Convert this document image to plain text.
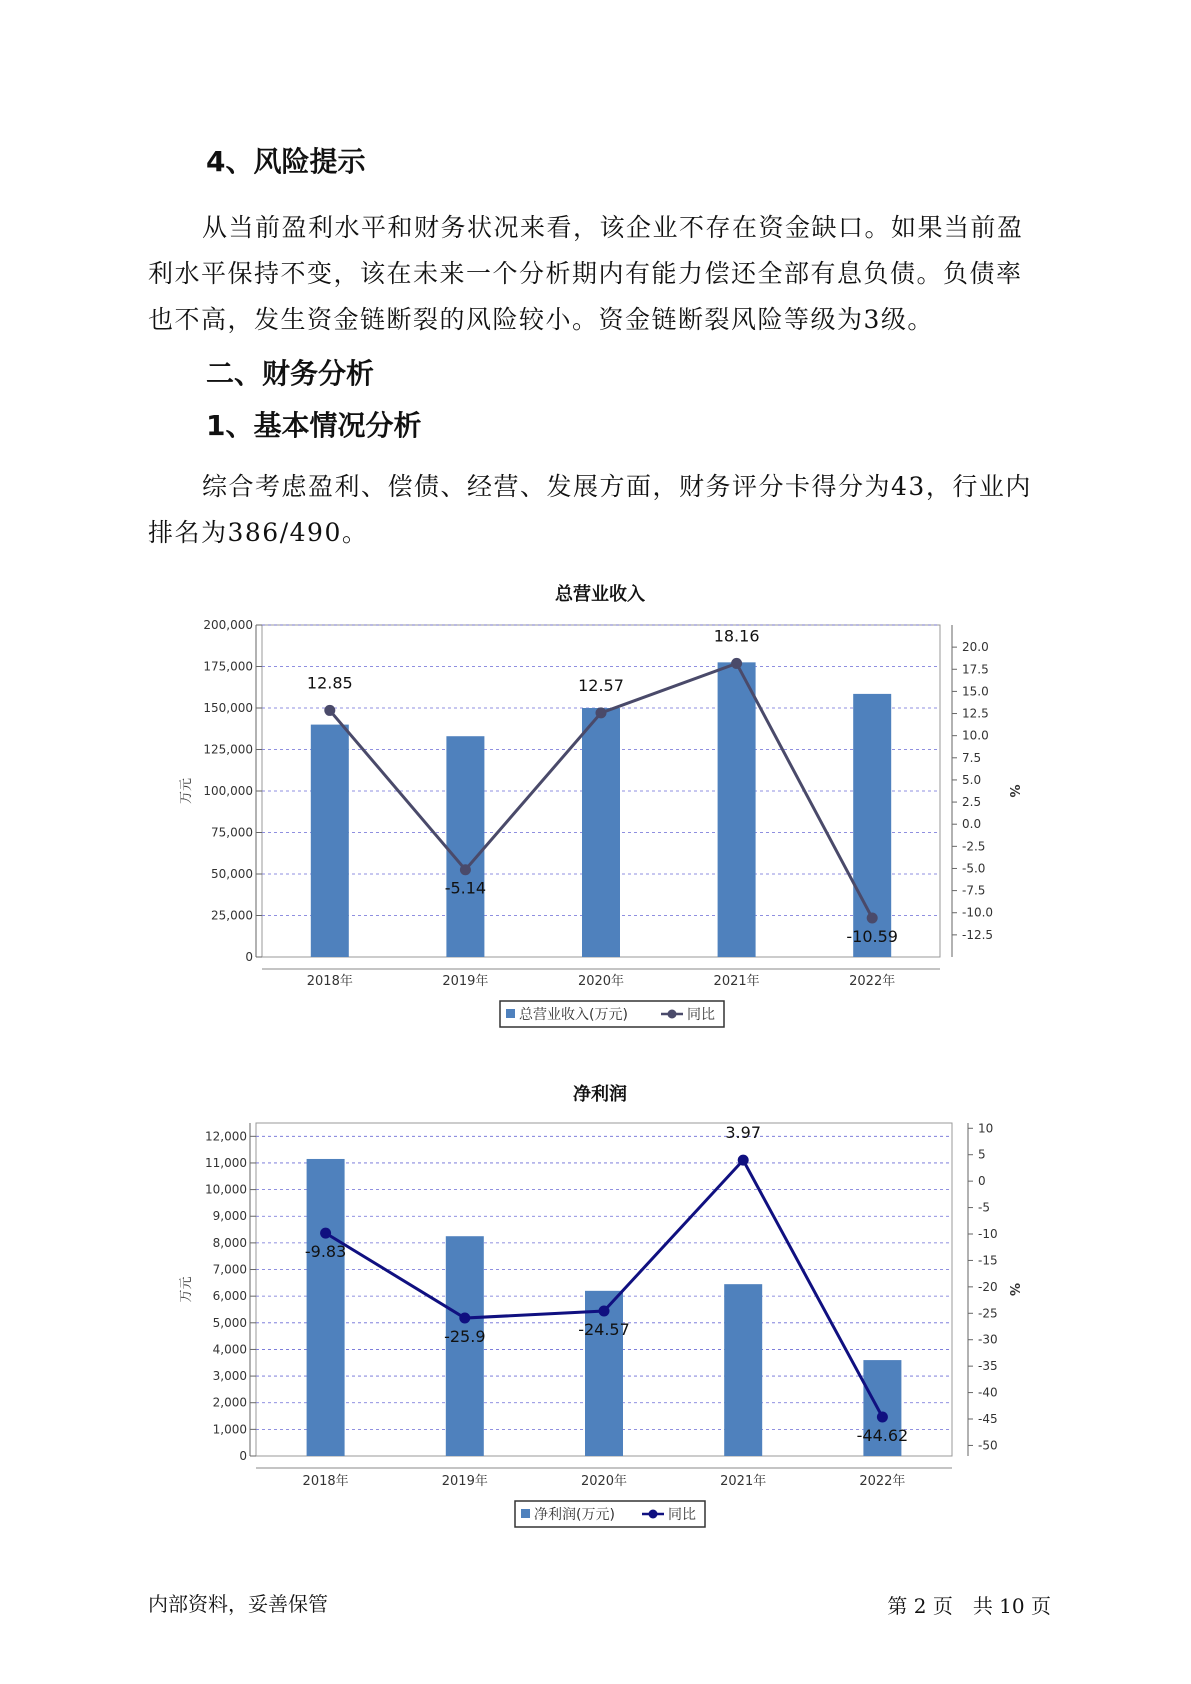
4、风险提示

从当前盈利水平和财务状况来看，该企业不存在资金缺口。如果当前盈利水平保持不变，该在未来一个分析期内有能力偿还全部有息负债。负债率也不高，发生资金链断裂的风险较小。资金链断裂风险等级为3级。

二、财务分析
1、基本情况分析

综合考虑盈利、偿债、经营、发展方面，财务评分卡得分为43，行业内排名为386/490。

总营业收入
0
25,000
50,000
75,000
100,000
125,000
150,000
175,000
200,000
-12.5
-10.0
-7.5
-5.0
-2.5
0.0
2.5
5.0
7.5
10.0
12.5
15.0
17.5
20.0
万元	%
2018年	2019年	2020年	2021年	2022年
12.85
-5.14
12.57
18.16
-10.59
总营业收入(万元)	同比
净利润
0
1,000
2,000
3,000
4,000
5,000
6,000
7,000
8,000
9,000
10,000
11,000
12,000
-50
-45
-40
-35
-30
-25
-20
-15
-10
-5
0
5
10
万元	%
2018年	2019年	2020年	2021年	2022年
-9.83
-25.9	-24.57
3.97
-44.62
净利润(万元)	同比
内部资料，妥善保管	第 2 页　共 10 页
